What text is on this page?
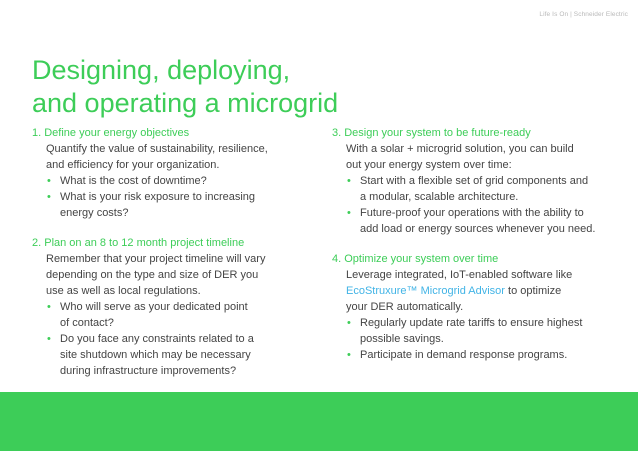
Life Is On | Schneider Electric
Designing, deploying,
and operating a microgrid
1. Define your energy objectives
Quantify the value of sustainability, resilience,
and efficiency for your organization.
• What is the cost of downtime?
• What is your risk exposure to increasing
energy costs?
2. Plan on an 8 to 12 month project timeline
Remember that your project timeline will vary
depending on the type and size of DER you
use as well as local regulations.
• Who will serve as your dedicated point
of contact?
• Do you face any constraints related to a
site shutdown which may be necessary
during infrastructure improvements?
3. Design your system to be future-ready
With a solar + microgrid solution, you can build
out your energy system over time:
• Start with a flexible set of grid components and
a modular, scalable architecture.
• Future-proof your operations with the ability to
add load or energy sources whenever you need.
4. Optimize your system over time
Leverage integrated, IoT-enabled software like
EcoStruxure™ Microgrid Advisor to optimize
your DER automatically.
• Regularly update rate tariffs to ensure highest
possible savings.
• Participate in demand response programs.
